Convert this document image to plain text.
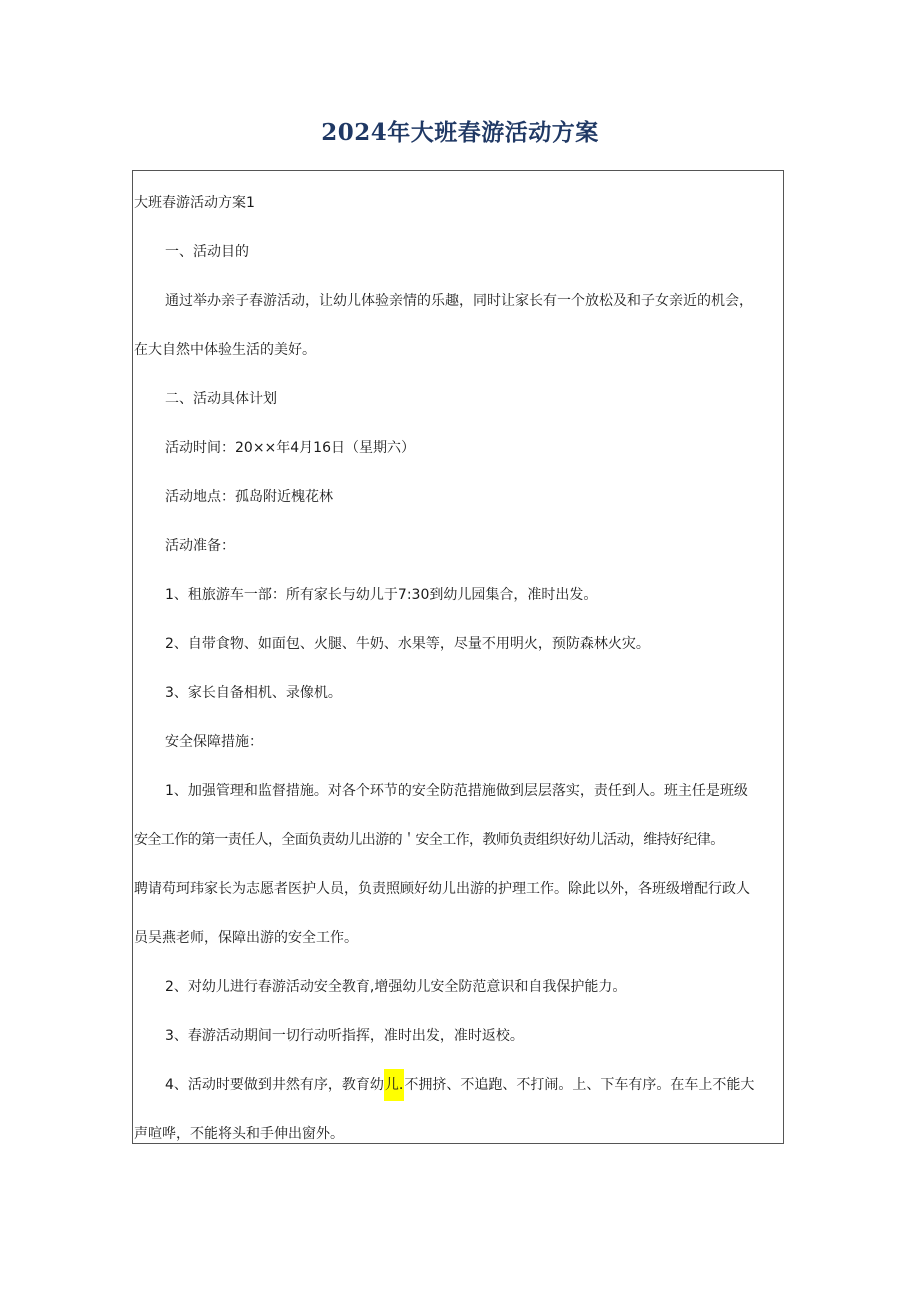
2024年大班春游活动方案
大班春游活动方案1
一、活动目的
通过举办亲子春游活动，让幼儿体验亲情的乐趣，同时让家长有一个放松及和子女亲近的机会，
在大自然中体验生活的美好。
二、活动具体计划
活动时间：20××年4月16日（星期六）
活动地点：孤岛附近槐花林
活动准备：
1、租旅游车一部：所有家长与幼儿于7:30到幼儿园集合，准时出发。
2、自带食物、如面包、火腿、牛奶、水果等，尽量不用明火，预防森林火灾。
3、家长自备相机、录像机。
安全保障措施：
1、加强管理和监督措施。对各个环节的安全防范措施做到层层落实，责任到人。班主任是班级
安全工作的第一责任人，全面负责幼儿出游的＇安全工作，教师负责组织好幼儿活动，维持好纪律。
聘请苟珂玮家长为志愿者医护人员，负责照顾好幼儿出游的护理工作。除此以外，各班级增配行政人
员吴燕老师，保障出游的安全工作。
2、对幼儿进行春游活动安全教育,增强幼儿安全防范意识和自我保护能力。
3、春游活动期间一切行动听指挥，准时出发，准时返校。
4、活动时要做到井然有序，教育幼儿.不拥挤、不追跑、不打闹。上、下车有序。在车上不能大
声喧哗，不能将头和手伸出窗外。
